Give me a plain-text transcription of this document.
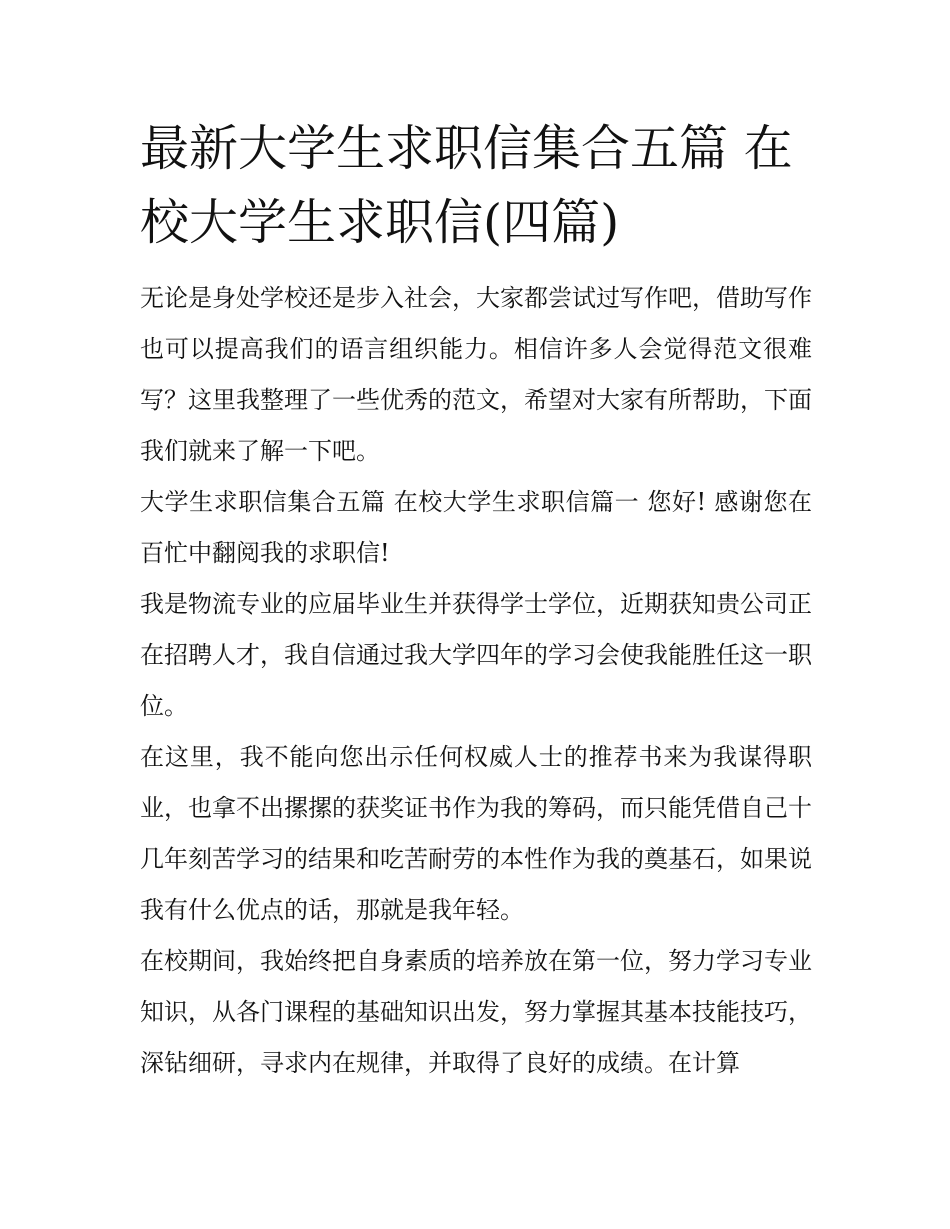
最新大学生求职信集合五篇 在校大学生求职信(四篇)

无论是身处学校还是步入社会，大家都尝试过写作吧，借助写作也可以提高我们的语言组织能力。相信许多人会觉得范文很难写？这里我整理了一些优秀的范文，希望对大家有所帮助，下面我们就来了解一下吧。

大学生求职信集合五篇 在校大学生求职信篇一 您好! 感谢您在百忙中翻阅我的求职信!

我是物流专业的应届毕业生并获得学士学位，近期获知贵公司正在招聘人才，我自信通过我大学四年的学习会使我能胜任这一职位。

在这里，我不能向您出示任何权威人士的推荐书来为我谋得职业，也拿不出摞摞的获奖证书作为我的筹码，而只能凭借自己十几年刻苦学习的结果和吃苦耐劳的本性作为我的奠基石，如果说我有什么优点的话，那就是我年轻。

在校期间，我始终把自身素质的培养放在第一位，努力学习专业知识，从各门课程的基础知识出发，努力掌握其基本技能技巧，深钻细研，寻求内在规律，并取得了良好的成绩。在计算
